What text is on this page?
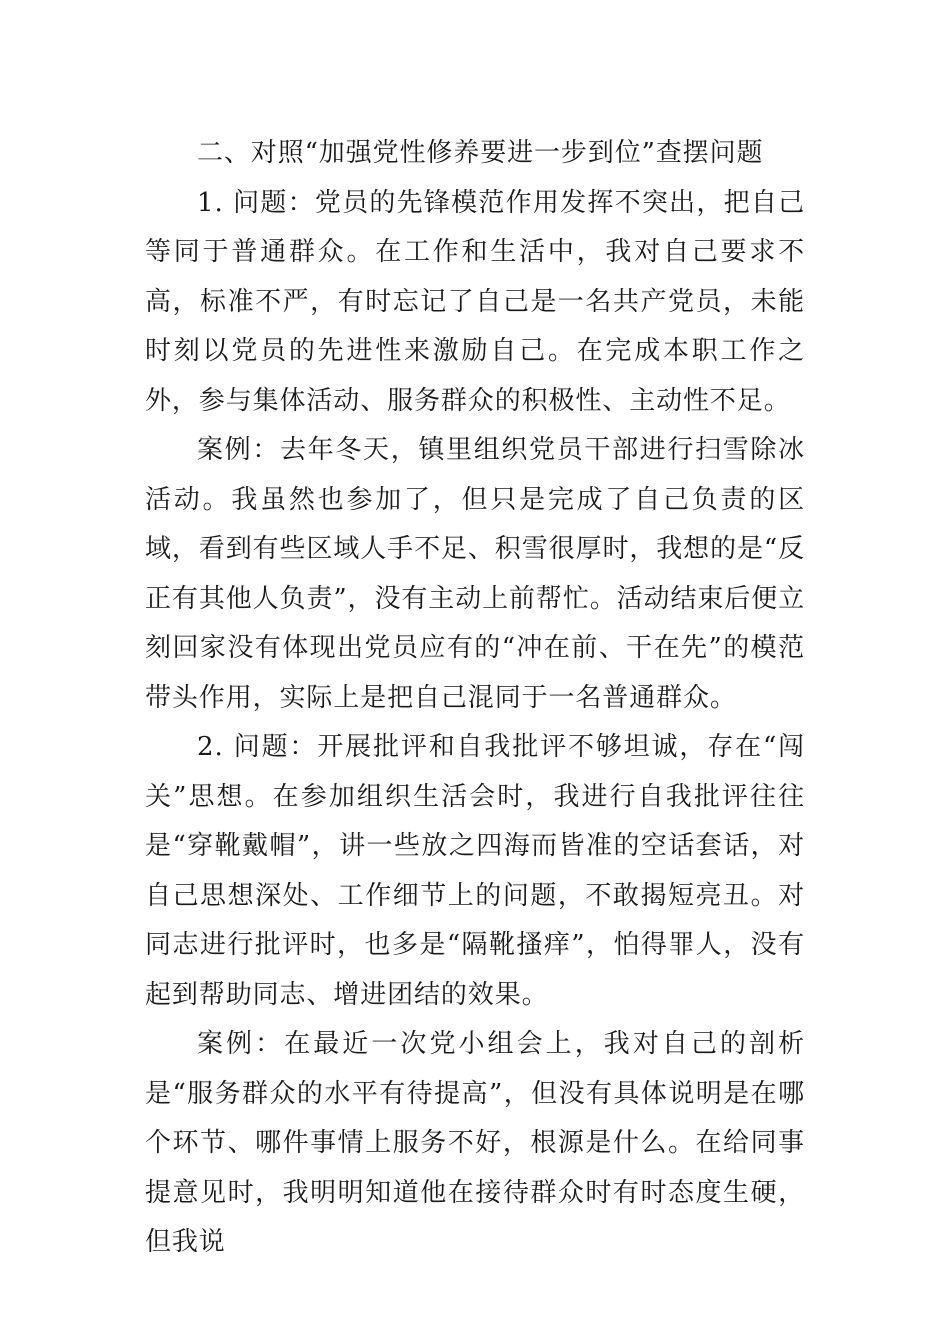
二、对照“加强党性修养要进一步到位”查摆问题

1. 问题：党员的先锋模范作用发挥不突出，把自己等同于普通群众。在工作和生活中，我对自己要求不高，标准不严，有时忘记了自己是一名共产党员，未能时刻以党员的先进性来激励自己。在完成本职工作之外，参与集体活动、服务群众的积极性、主动性不足。

案例：去年冬天，镇里组织党员干部进行扫雪除冰活动。我虽然也参加了，但只是完成了自己负责的区域，看到有些区域人手不足、积雪很厚时，我想的是“反正有其他人负责”，没有主动上前帮忙。活动结束后便立刻回家没有体现出党员应有的“冲在前、干在先”的模范带头作用，实际上是把自己混同于一名普通群众。

2. 问题：开展批评和自我批评不够坦诚，存在“闯关”思想。在参加组织生活会时，我进行自我批评往往是“穿靴戴帽”，讲一些放之四海而皆准的空话套话，对自己思想深处、工作细节上的问题，不敢揭短亮丑。对同志进行批评时，也多是“隔靴搔痒”，怕得罪人，没有起到帮助同志、增进团结的效果。

案例：在最近一次党小组会上，我对自己的剖析是“服务群众的水平有待提高”，但没有具体说明是在哪个环节、哪件事情上服务不好，根源是什么。在给同事提意见时，我明明知道他在接待群众时有时态度生硬，但我说
